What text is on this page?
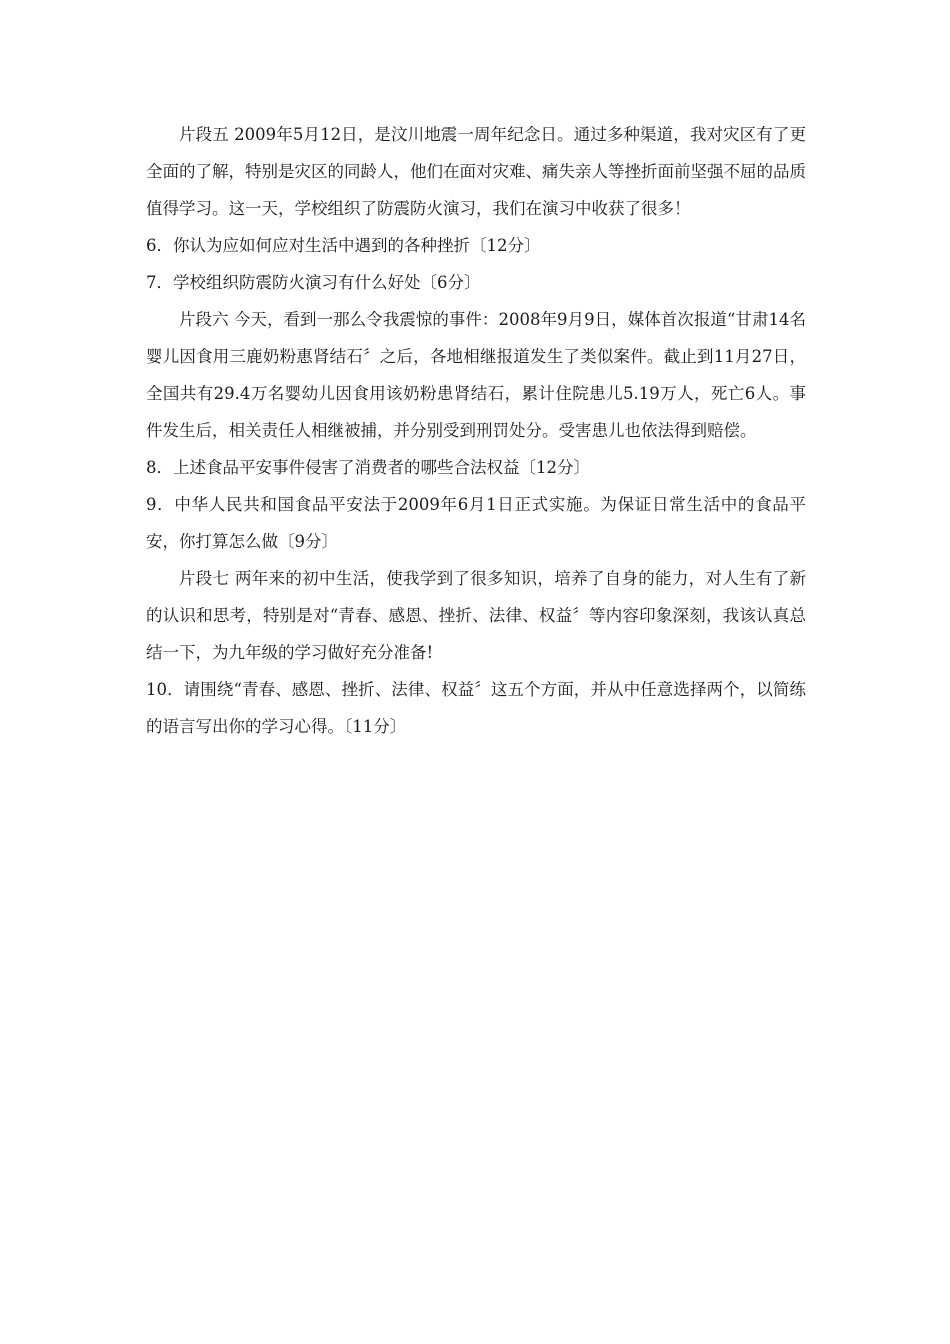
片段五 2009年5月12日，是汶川地震一周年纪念日。通过多种渠道，我对灾区有了更全面的了解，特别是灾区的同龄人，他们在面对灾难、痛失亲人等挫折面前坚强不屈的品质值得学习。这一天，学校组织了防震防火演习，我们在演习中收获了很多！

6．你认为应如何应对生活中遇到的各种挫折〔12分〕

7．学校组织防震防火演习有什么好处〔6分〕

片段六 今天，看到一那么令我震惊的事件：2008年9月9日，媒体首次报道“甘肃14名婴儿因食用三鹿奶粉惠肾结石〞之后，各地相继报道发生了类似案件。截止到11月27日，全国共有29.4万名婴幼儿因食用该奶粉患肾结石，累计住院患儿5.19万人，死亡6人。事件发生后，相关责任人相继被捕，并分别受到刑罚处分。受害患儿也依法得到赔偿。

8．上述食品平安事件侵害了消费者的哪些合法权益〔12分〕

9．中华人民共和国食品平安法于2009年6月1日正式实施。为保证日常生活中的食品平安，你打算怎么做〔9分〕

片段七 两年来的初中生活，使我学到了很多知识，培养了自身的能力，对人生有了新的认识和思考，特别是对“青春、感恩、挫折、法律、权益〞等内容印象深刻，我该认真总结一下，为九年级的学习做好充分准备!

10．请围绕“青春、感恩、挫折、法律、权益〞这五个方面，并从中任意选择两个，以简练的语言写出你的学习心得。〔11分〕
